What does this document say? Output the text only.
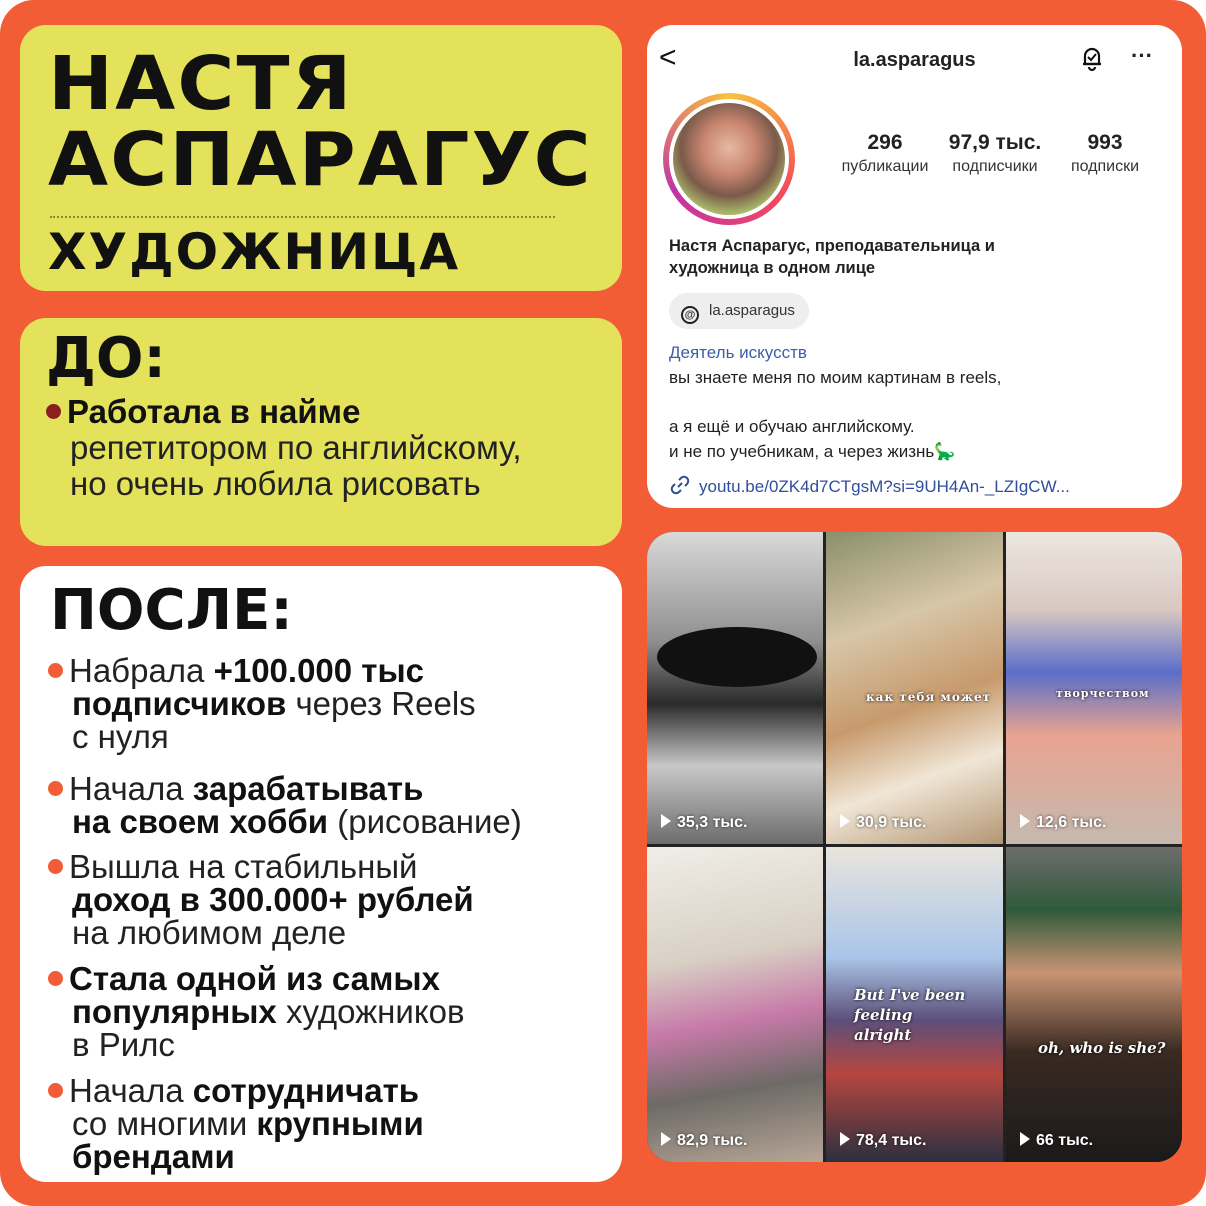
НАСТЯ
АСПАРАГУС
ХУДОЖНИЦА
ДО:
Работала в найме
репетитором по английскому,
но очень любила рисовать
ПОСЛЕ:
Набрала +100.000 тыс
подписчиков через Reels
с нуля
Начала зарабатывать
на своем хобби (рисование)
Вышла на стабильный
доход в 300.000+ рублей
на любимом деле
Стала одной из самых
популярных художников
в Рилс
Начала сотрудничать
со многими крупными
брендами
<	la.asparagus	···
296
публикации
97,9 тыс.
подписчики
993
подписки
Настя Аспарагус, преподавательница и
художница в одном лице
@ la.asparagus
Деятель искусств
вы знаете меня по моим картинам в reels,
а я ещё и обучаю английскому.
и не по учебникам, а через жизнь🦕
youtu.be/0ZK4d7CTgsM?si=9UH4An-_LZIgCW...
35,3 тыс.
как тебя может
30,9 тыс.
творчеством
12,6 тыс.
82,9 тыс.
But I've been feeling alright
78,4 тыс.
oh, who is she?
66 тыс.
